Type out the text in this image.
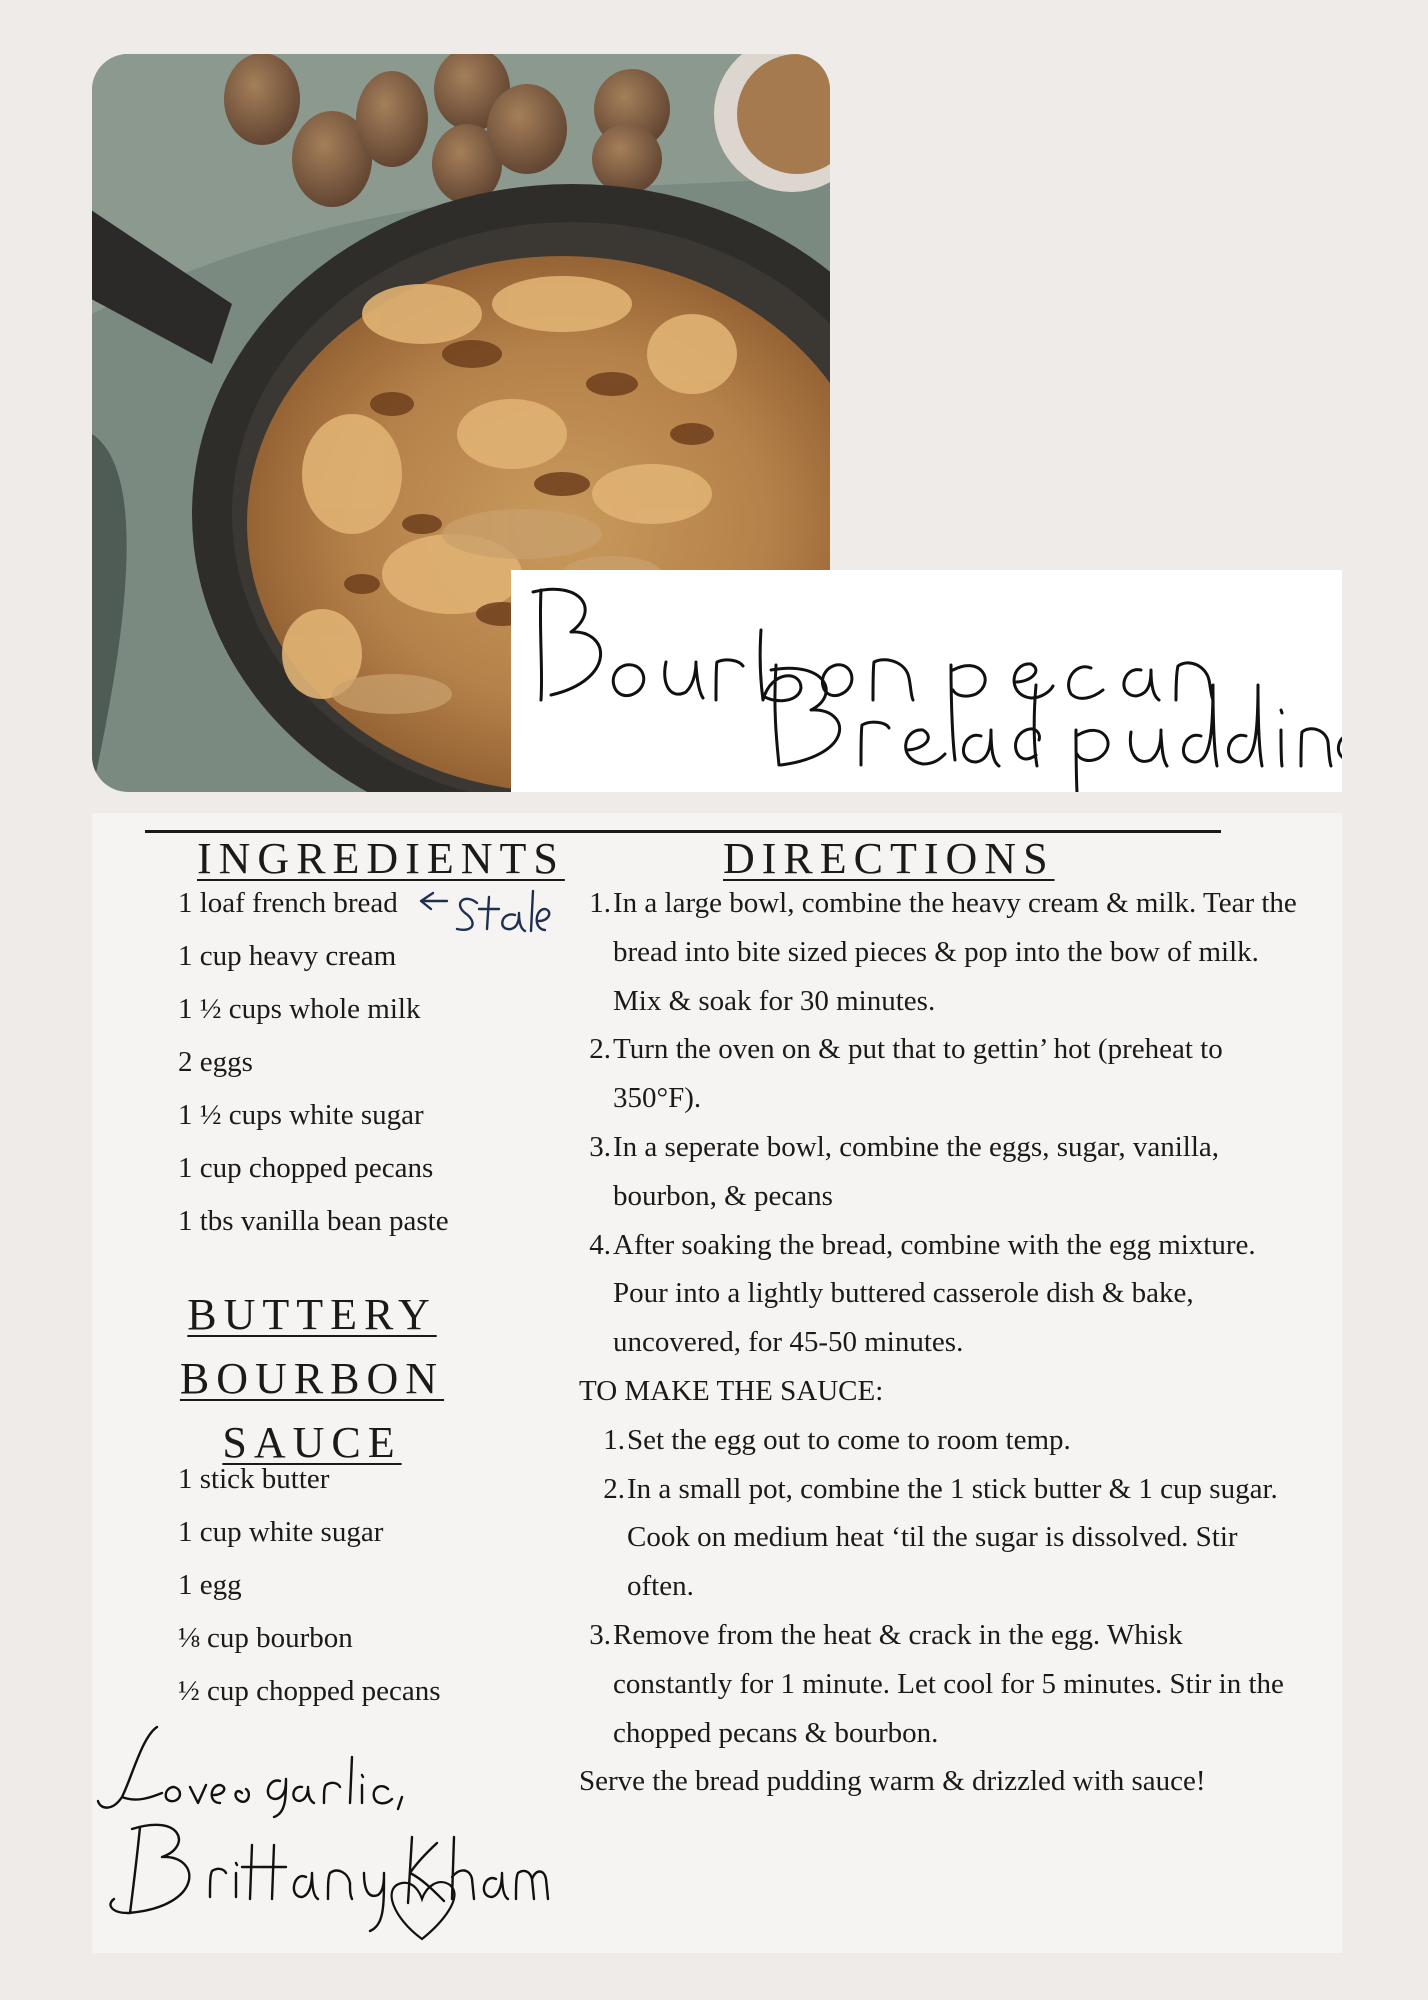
INGREDIENTS	DIRECTIONS
1 loaf french bread
1 cup heavy cream
1 ½ cups whole milk
2 eggs
1 ½ cups white sugar
1 cup chopped pecans
1 tbs vanilla bean paste
BUTTERY BOURBON SAUCE
1 stick butter
1 cup white sugar
1 egg
⅛ cup bourbon
½ cup chopped pecans
1. In a large bowl, combine the heavy cream & milk. Tear the bread into bite sized pieces & pop into the bow of milk. Mix & soak for 30 minutes.
2. Turn the oven on & put that to gettin’ hot (preheat to 350°F).
3. In a seperate bowl, combine the eggs, sugar, vanilla, bourbon, & pecans
4. After soaking the bread, combine with the egg mixture. Pour into a lightly buttered casserole dish & bake, uncovered, for 45-50 minutes.
TO MAKE THE SAUCE:
1. Set the egg out to come to room temp.
2. In a small pot, combine the 1 stick butter & 1 cup sugar. Cook on medium heat ‘til the sugar is dissolved. Stir often.
3. Remove from the heat & crack in the egg. Whisk constantly for 1 minute. Let cool for 5 minutes. Stir in the chopped pecans & bourbon.
Serve the bread pudding warm & drizzled with sauce!
